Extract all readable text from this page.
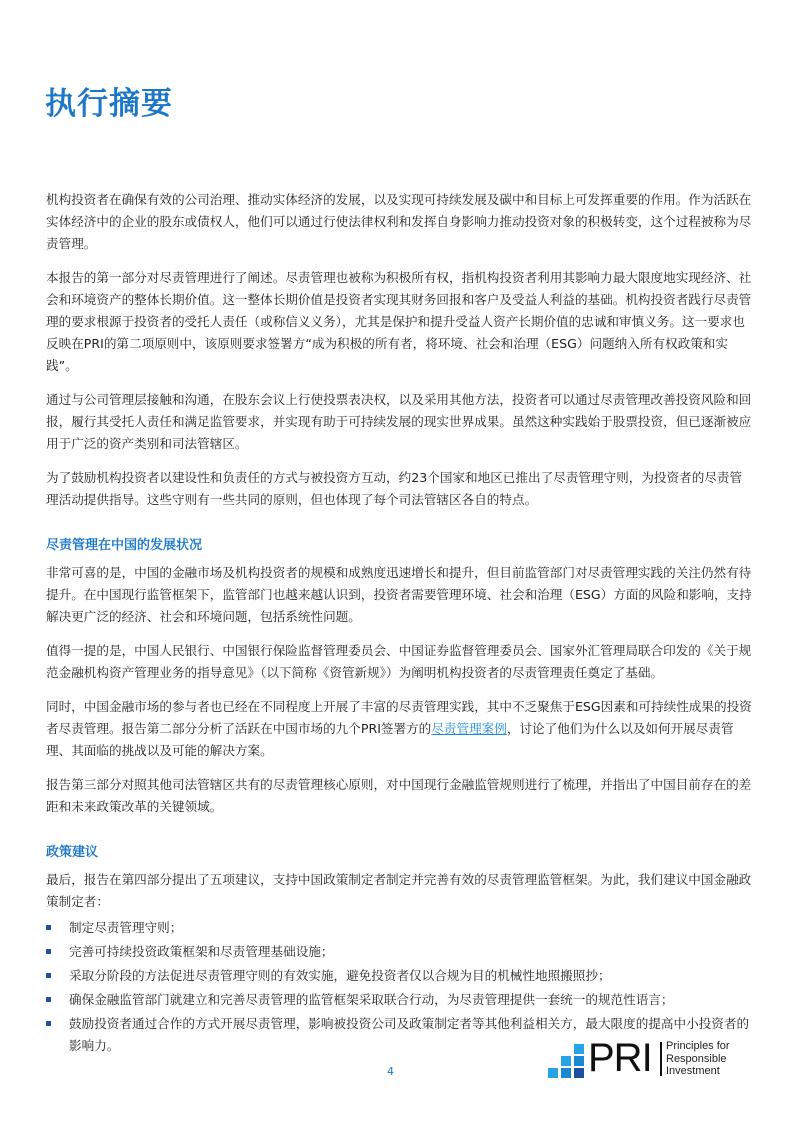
执行摘要

机构投资者在确保有效的公司治理、推动实体经济的发展，以及实现可持续发展及碳中和目标上可发挥重要的作用。作为活跃在实体经济中的企业的股东或债权人，他们可以通过行使法律权利和发挥自身影响力推动投资对象的积极转变，这个过程被称为尽责管理。

本报告的第一部分对尽责管理进行了阐述。尽责管理也被称为积极所有权，指机构投资者利用其影响力最大限度地实现经济、社会和环境资产的整体长期价值。这一整体长期价值是投资者实现其财务回报和客户及受益人利益的基础。机构投资者践行尽责管理的要求根源于投资者的受托人责任（或称信义义务），尤其是保护和提升受益人资产长期价值的忠诚和审慎义务。这一要求也反映在PRI的第二项原则中，该原则要求签署方“成为积极的所有者，将环境、社会和治理（ESG）问题纳入所有权政策和实践”。

通过与公司管理层接触和沟通，在股东会议上行使投票表决权，以及采用其他方法，投资者可以通过尽责管理改善投资风险和回报，履行其受托人责任和满足监管要求，并实现有助于可持续发展的现实世界成果。虽然这种实践始于股票投资，但已逐渐被应用于广泛的资产类别和司法管辖区。

为了鼓励机构投资者以建设性和负责任的方式与被投资方互动，约23个国家和地区已推出了尽责管理守则，为投资者的尽责管理活动提供指导。这些守则有一些共同的原则，但也体现了每个司法管辖区各自的特点。

尽责管理在中国的发展状况

非常可喜的是，中国的金融市场及机构投资者的规模和成熟度迅速增长和提升，但目前监管部门对尽责管理实践的关注仍然有待提升。在中国现行监管框架下，监管部门也越来越认识到，投资者需要管理环境、社会和治理（ESG）方面的风险和影响，支持解决更广泛的经济、社会和环境问题，包括系统性问题。

值得一提的是，中国人民银行、中国银行保险监督管理委员会、中国证券监督管理委员会、国家外汇管理局联合印发的《关于规范金融机构资产管理业务的指导意见》（以下简称《资管新规》）为阐明机构投资者的尽责管理责任奠定了基础。

同时，中国金融市场的参与者也已经在不同程度上开展了丰富的尽责管理实践，其中不乏聚焦于ESG因素和可持续性成果的投资者尽责管理。报告第二部分分析了活跃在中国市场的九个PRI签署方的尽责管理案例，讨论了他们为什么以及如何开展尽责管理、其面临的挑战以及可能的解决方案。

报告第三部分对照其他司法管辖区共有的尽责管理核心原则，对中国现行金融监管规则进行了梳理，并指出了中国目前存在的差距和未来政策改革的关键领域。

政策建议

最后，报告在第四部分提出了五项建议，支持中国政策制定者制定并完善有效的尽责管理监管框架。为此，我们建议中国金融政策制定者：

制定尽责管理守则；
完善可持续投资政策框架和尽责管理基础设施；
采取分阶段的方法促进尽责管理守则的有效实施，避免投资者仅以合规为目的机械性地照搬照抄；
确保金融监管部门就建立和完善尽责管理的监管框架采取联合行动，为尽责管理提供一套统一的规范性语言；
鼓励投资者通过合作的方式开展尽责管理，影响被投资公司及政策制定者等其他利益相关方，最大限度的提高中小投资者的影响力。
4	PRI Principles for
Responsible
Investment
